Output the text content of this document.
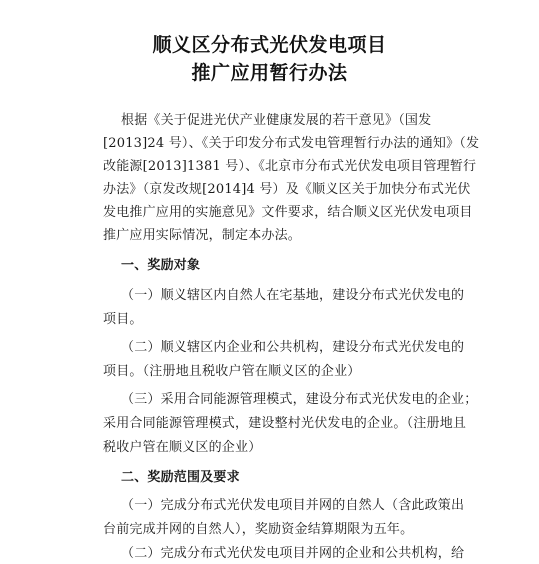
顺义区分布式光伏发电项目
推广应用暂行办法
根据《关于促进光伏产业健康发展的若干意见》（国发
[2013]24 号）、《关于印发分布式发电管理暂行办法的通知》（发
改能源[2013]1381 号）、《北京市分布式光伏发电项目管理暂行
办法》（京发改规[2014]4 号）及《顺义区关于加快分布式光伏
发电推广应用的实施意见》文件要求，结合顺义区光伏发电项目
推广应用实际情况，制定本办法。
一、奖励对象
（一）顺义辖区内自然人在宅基地，建设分布式光伏发电的
项目。
（二）顺义辖区内企业和公共机构，建设分布式光伏发电的
项目。（注册地且税收户管在顺义区的企业）
（三）采用合同能源管理模式，建设分布式光伏发电的企业；
采用合同能源管理模式，建设整村光伏发电的企业。（注册地且
税收户管在顺义区的企业）
二、奖励范围及要求
（一）完成分布式光伏发电项目并网的自然人（含此政策出
台前完成并网的自然人），奖励资金结算期限为五年。
（二）完成分布式光伏发电项目并网的企业和公共机构，给
